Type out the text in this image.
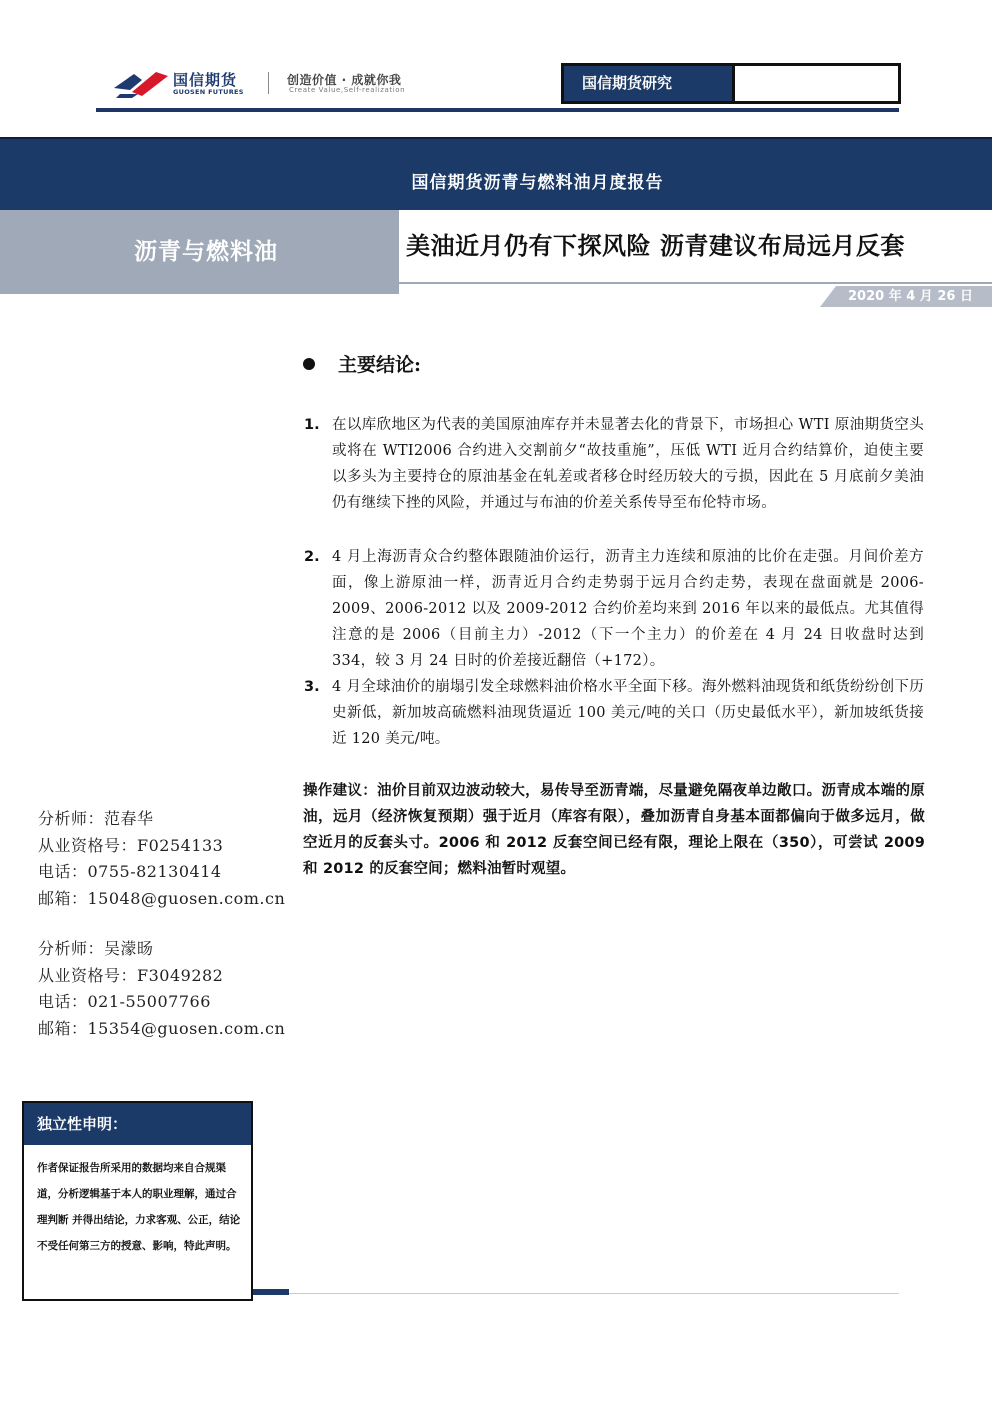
国信期货
GUOSEN FUTURES
创造价值 · 成就你我
Create Value,Self-realization	国信期货研究
国信期货沥青与燃料油月度报告
沥青与燃料油	美油近月仍有下探风险 沥青建议布局远月反套
2020 年 4 月 26 日
主要结论:
1. 在以库欣地区为代表的美国原油库存并未显著去化的背景下，市场担心 WTI 原油期货空头或将在 WTI2006 合约进入交割前夕“故技重施”，压低 WTI 近月合约结算价，迫使主要以多头为主要持仓的原油基金在轧差或者移仓时经历较大的亏损，因此在 5 月底前夕美油仍有继续下挫的风险，并通过与布油的价差关系传导至布伦特市场。
2. 4 月上海沥青众合约整体跟随油价运行，沥青主力连续和原油的比价在走强。月间价差方面，像上游原油一样，沥青近月合约走势弱于远月合约走势，表现在盘面就是 2006-2009、2006-2012 以及 2009-2012 合约价差均来到 2016 年以来的最低点。尤其值得注意的是 2006（目前主力）-2012（下一个主力）的价差在 4 月 24 日收盘时达到 334，较 3 月 24 日时的价差接近翻倍（+172）。
3. 4 月全球油价的崩塌引发全球燃料油价格水平全面下移。海外燃料油现货和纸货纷纷创下历史新低，新加坡高硫燃料油现货逼近 100 美元/吨的关口（历史最低水平），新加坡纸货接近 120 美元/吨。
操作建议：油价目前双边波动较大，易传导至沥青端，尽量避免隔夜单边敞口。沥青成本端的原油，远月（经济恢复预期）强于近月（库容有限），叠加沥青自身基本面都偏向于做多远月，做空近月的反套头寸。2006 和 2012 反套空间已经有限，理论上限在（350），可尝试 2009 和 2012 的反套空间；燃料油暂时观望。
分析师：范春华
从业资格号：F0254133
电话：0755-82130414
邮箱：15048@guosen.com.cn
分析师：吴濛旸
从业资格号：F3049282
电话：021-55007766
邮箱：15354@guosen.com.cn
独立性申明：
作者保证报告所采用的数据均来自合规渠道，分析逻辑基于本人的职业理解，通过合理判断 并得出结论，力求客观、公正，结论不受任何第三方的授意、影响，特此声明。
